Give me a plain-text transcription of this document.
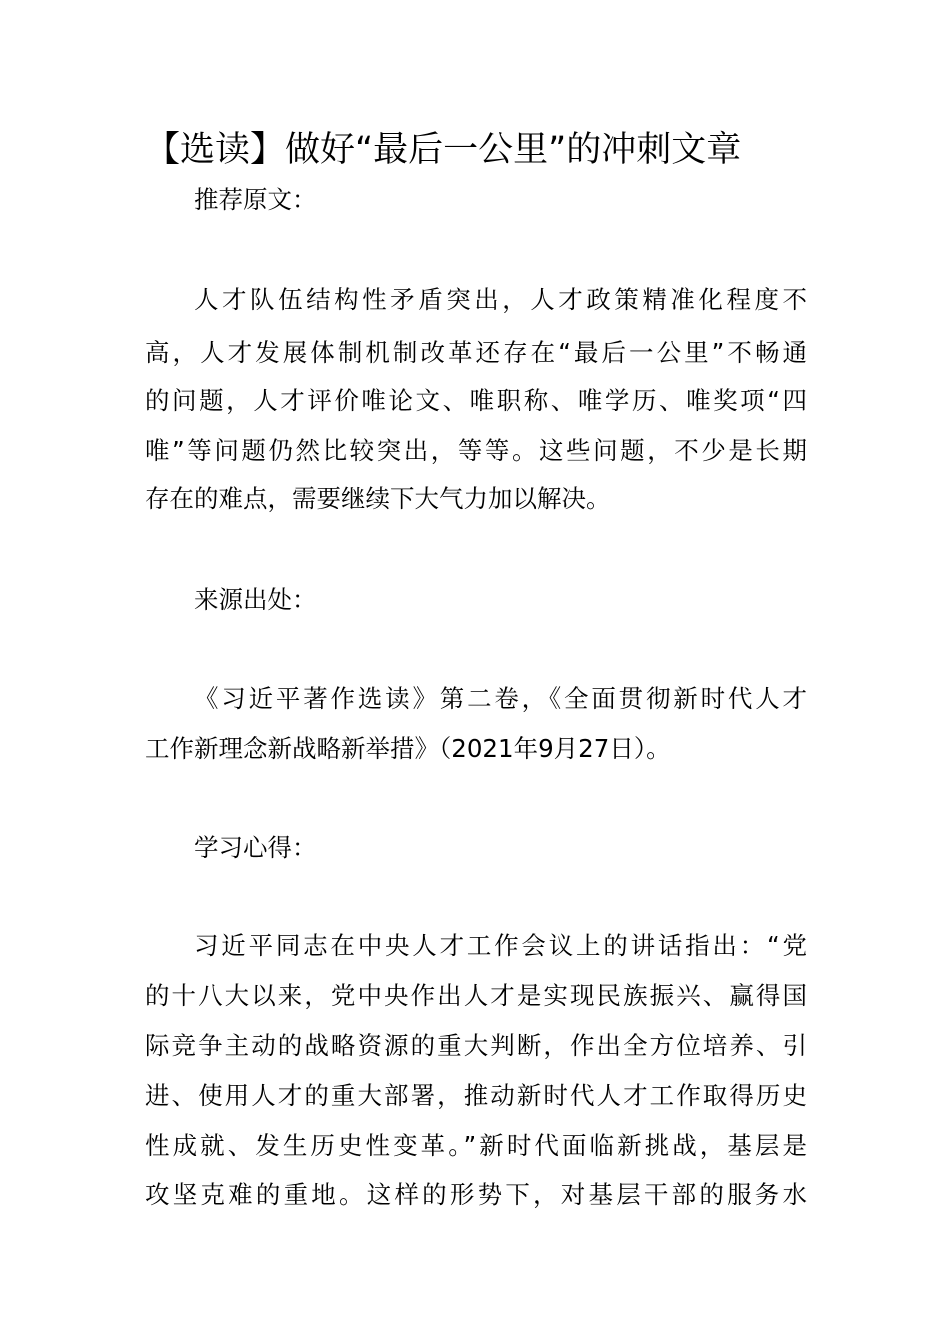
【选读】做好“最后一公里”的冲刺文章
推荐原文：
人才队伍结构性矛盾突出，人才政策精准化程度不
高，人才发展体制机制改革还存在“最后一公里”不畅通
的问题，人才评价唯论文、唯职称、唯学历、唯奖项“四
唯”等问题仍然比较突出，等等。这些问题，不少是长期
存在的难点，需要继续下大气力加以解决。
来源出处：
《习近平著作选读》第二卷，《全面贯彻新时代人才
工作新理念新战略新举措》（2021年9月27日）。
学习心得：
习近平同志在中央人才工作会议上的讲话指出：“党
的十八大以来，党中央作出人才是实现民族振兴、赢得国
际竞争主动的战略资源的重大判断，作出全方位培养、引
进、使用人才的重大部署，推动新时代人才工作取得历史
性成就、发生历史性变革。”新时代面临新挑战，基层是
攻坚克难的重地。这样的形势下，对基层干部的服务水
